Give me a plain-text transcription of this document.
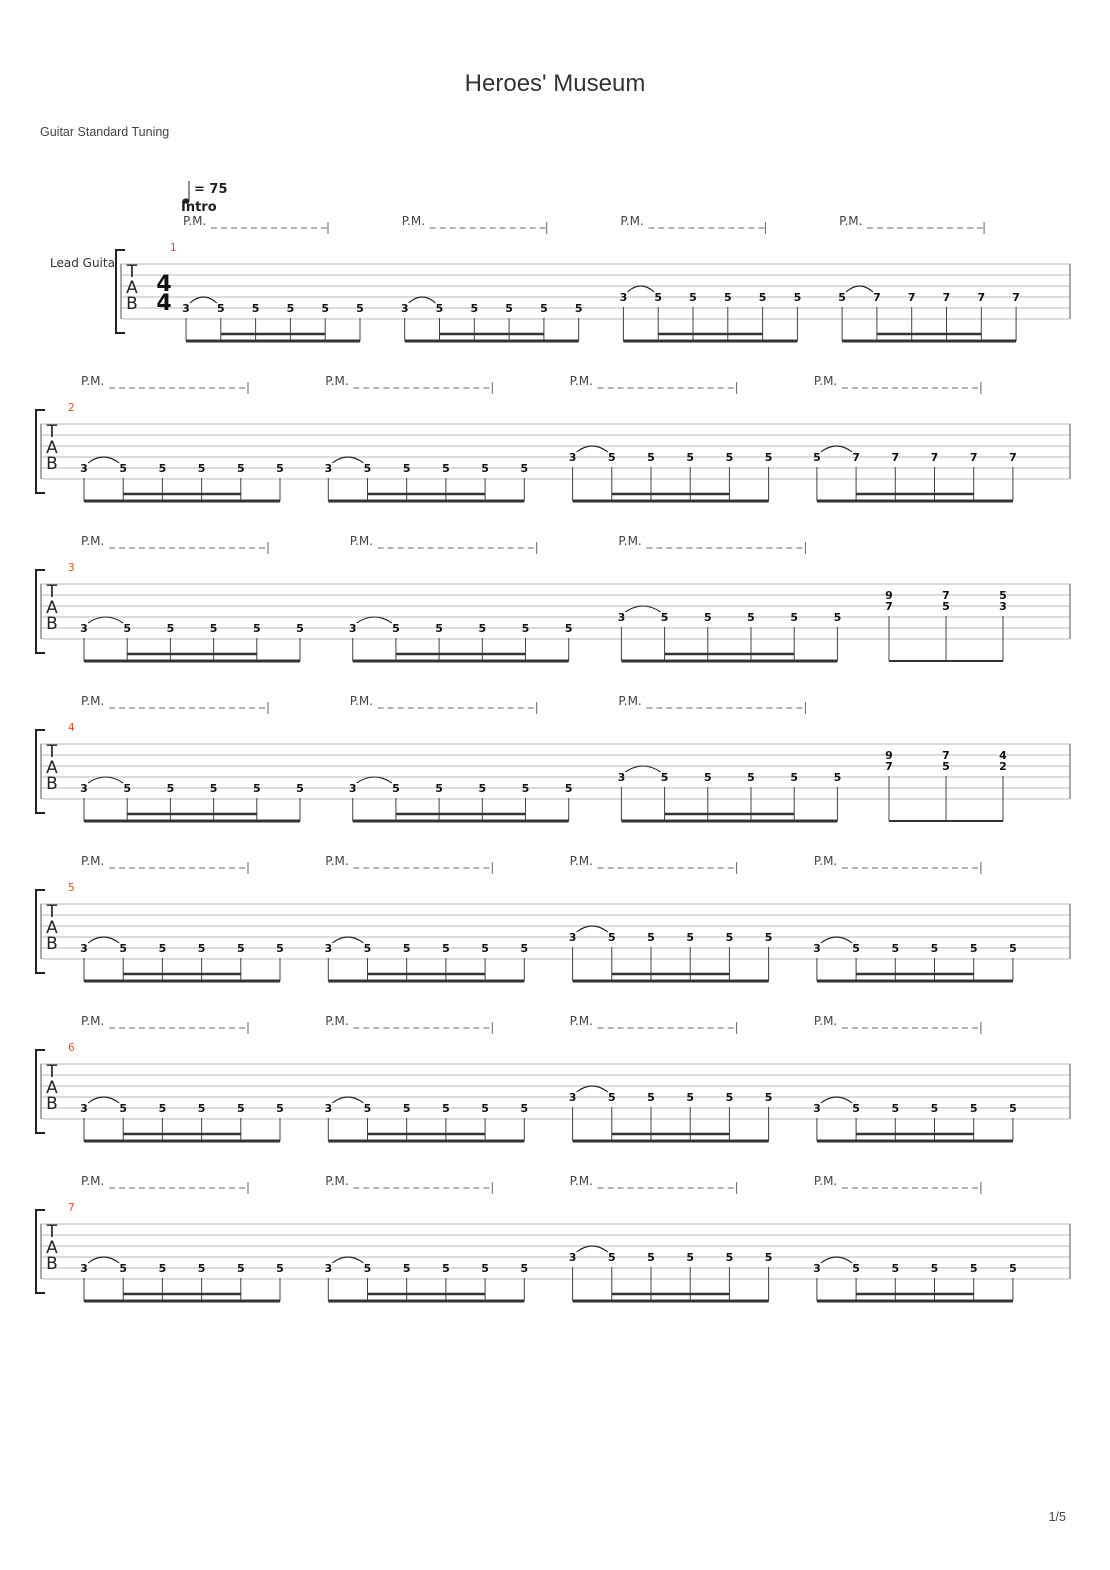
Heroes' Museum
Guitar Standard Tuning
T
A
B
1
Lead Guita
4
4
= 75
Intro
3 5 5 5 5 5
P.M.
3 5 5 5 5 5
P.M.
3 5 5 5 5 5
P.M.
5 7 7 7 7 7
P.M.
T
A
B
2
3	5	5	5	5	5
P.M.
3	5	5	5	5	5
P.M.
3	5	5	5	5	5
P.M.
5	7	7	7	7	7
P.M.
T
A
B
3
3	5	5	5	5	5
P.M.
3	5	5	5	5	5
P.M.
3	5	5	5	5	5
P.M.
9
7
7
5
5
3
T
A
B
4
3	5	5	5	5	5
P.M.
3	5	5	5	5	5
P.M.
3	5	5	5	5	5
P.M.
9
7
7
5
4
2
T
A
B
5
3	5	5	5	5	5
P.M.
3	5	5	5	5	5
P.M.
3	5	5	5	5	5
P.M.
3	5	5	5	5	5
P.M.
T
A
B
6
3	5	5	5	5	5
P.M.
3	5	5	5	5	5
P.M.
3	5	5	5	5	5
P.M.
3	5	5	5	5	5
P.M.
T
A
B
7
3	5	5	5	5	5
P.M.
3	5	5	5	5	5
P.M.
3	5	5	5	5	5
P.M.
3	5	5	5	5	5
P.M.
1/5
